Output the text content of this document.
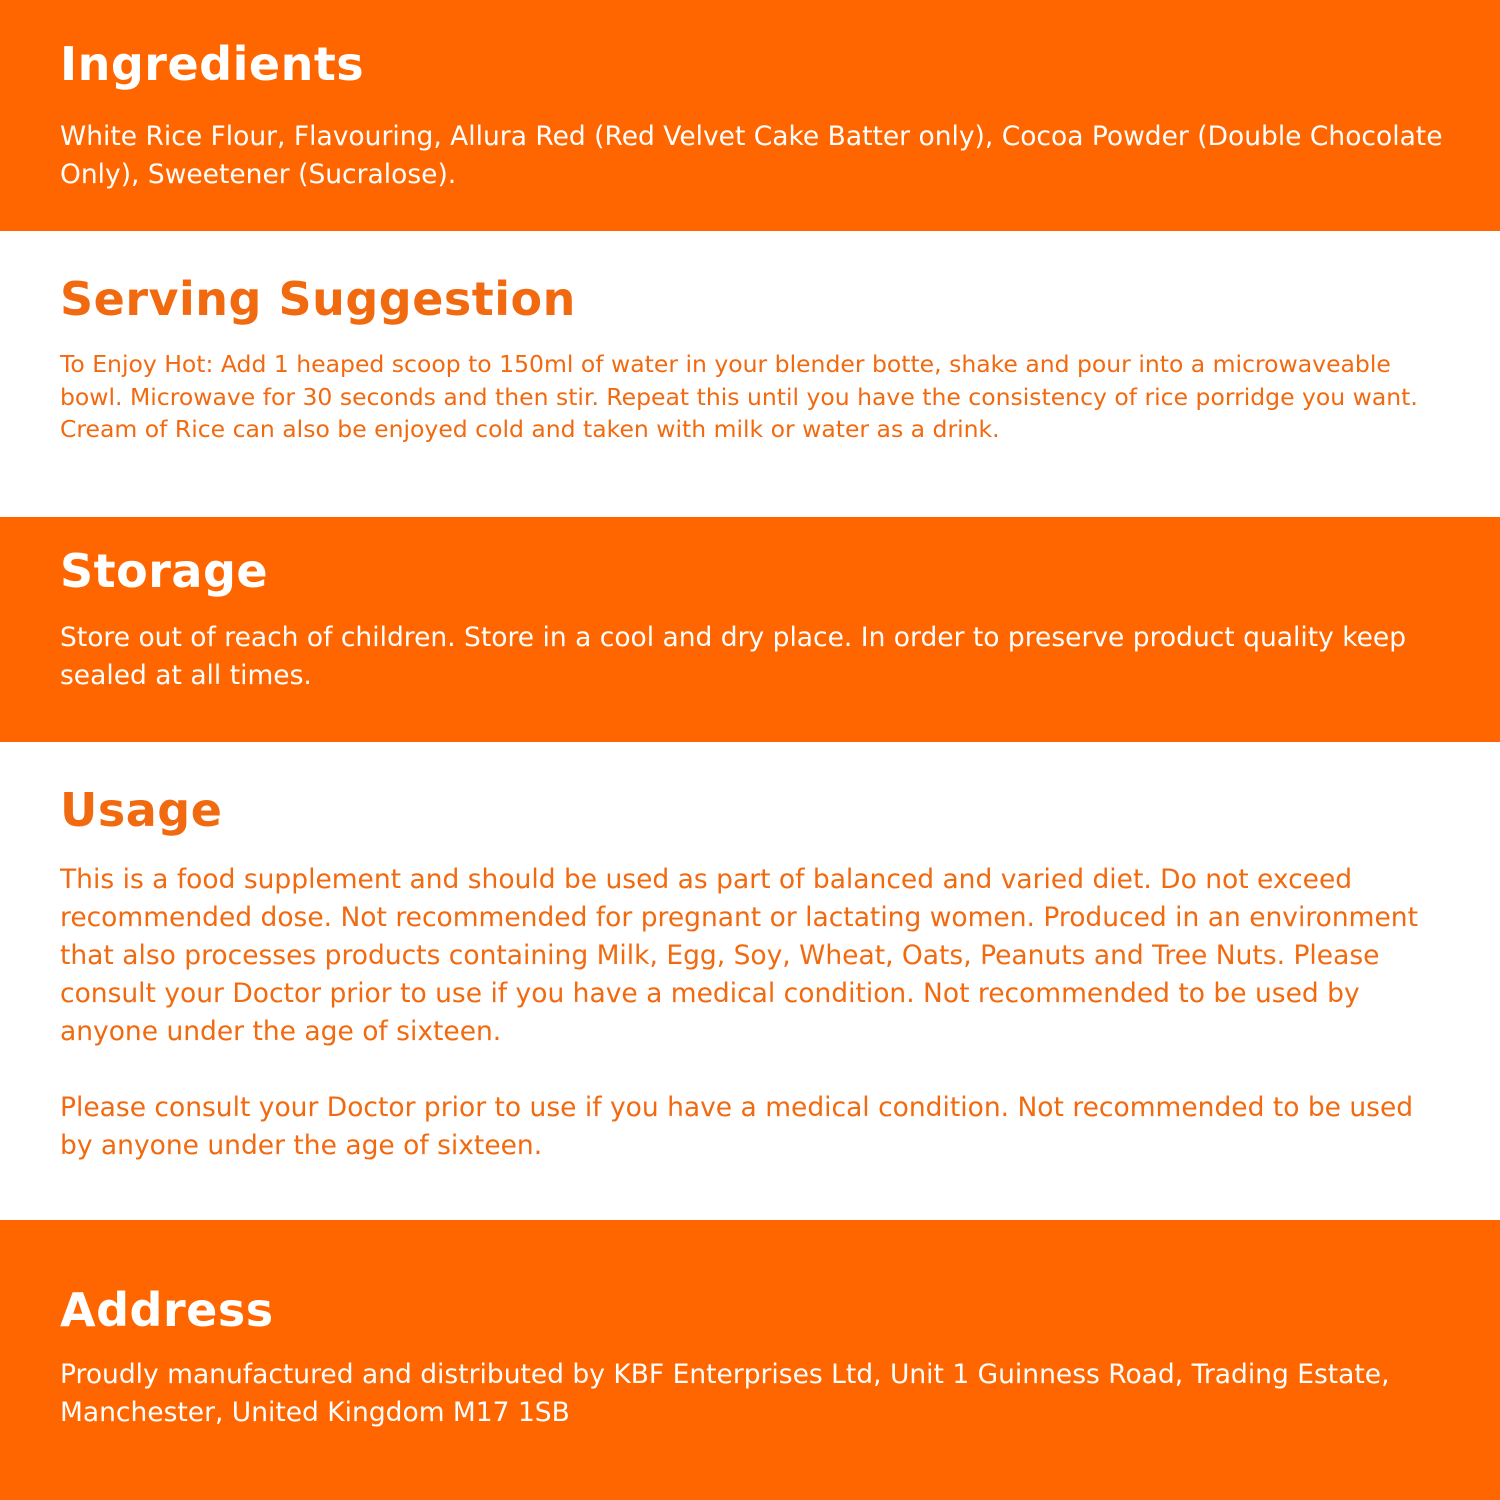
Ingredients

White Rice Flour, Flavouring, Allura Red (Red Velvet Cake Batter only), Cocoa Powder (Double Chocolate Only), Sweetener (Sucralose).

Serving Suggestion

To Enjoy Hot: Add 1 heaped scoop to 150ml of water in your blender botte, shake and pour into a microwaveable bowl. Microwave for 30 seconds and then stir. Repeat this until you have the consistency of rice porridge you want. Cream of Rice can also be enjoyed cold and taken with milk or water as a drink.

Storage

Store out of reach of children. Store in a cool and dry place. In order to preserve product quality keep sealed at all times.

Usage

This is a food supplement and should be used as part of balanced and varied diet. Do not exceed recommended dose. Not recommended for pregnant or lactating women. Produced in an environment that also processes products containing Milk, Egg, Soy, Wheat, Oats, Peanuts and Tree Nuts. Please consult your Doctor prior to use if you have a medical condition. Not recommended to be used by anyone under the age of sixteen.

Please consult your Doctor prior to use if you have a medical condition. Not recommended to be used by anyone under the age of sixteen.

Address

Proudly manufactured and distributed by KBF Enterprises Ltd, Unit 1 Guinness Road, Trading Estate, Manchester, United Kingdom M17 1SB
